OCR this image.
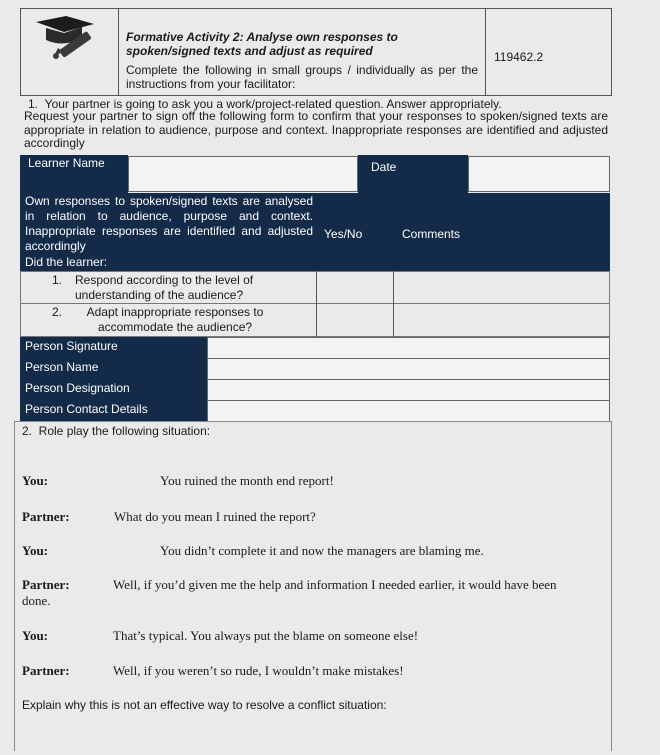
Formative Activity 2: Analyse own responses to spoken/signed texts and adjust as required
Complete the following in small groups / individually as per the instructions from your facilitator:
119462.2
1.  Your partner is going to ask you a work/project-related question. Answer appropriately.
Request your partner to sign off the following form to confirm that your responses to spoken/signed texts are appropriate in relation to audience, purpose and context. Inappropriate responses are identified and adjusted accordingly
Learner Name	Date
Own responses to spoken/signed texts are analysed in relation to audience, purpose and context. Inappropriate responses are identified and adjusted accordingly
Did the learner:
Yes/No	Comments
1. Respond according to the level of understanding of the audience?
2.	Adapt inappropriate responses to accommodate the audience?
Person Signature
Person Name
Person Designation
Person Contact Details
2.  Role play the following situation:
You:	You ruined the month end report!
Partner:	What do you mean I ruined the report?
You:	You didn’t complete it and now the managers are blaming me.
Partner:	Well, if you’d given me the help and information I needed earlier, it would have been
done.
You:	That’s typical. You always put the blame on someone else!
Partner:	Well, if you weren’t so rude, I wouldn’t make mistakes!
Explain why this is not an effective way to resolve a conflict situation:
